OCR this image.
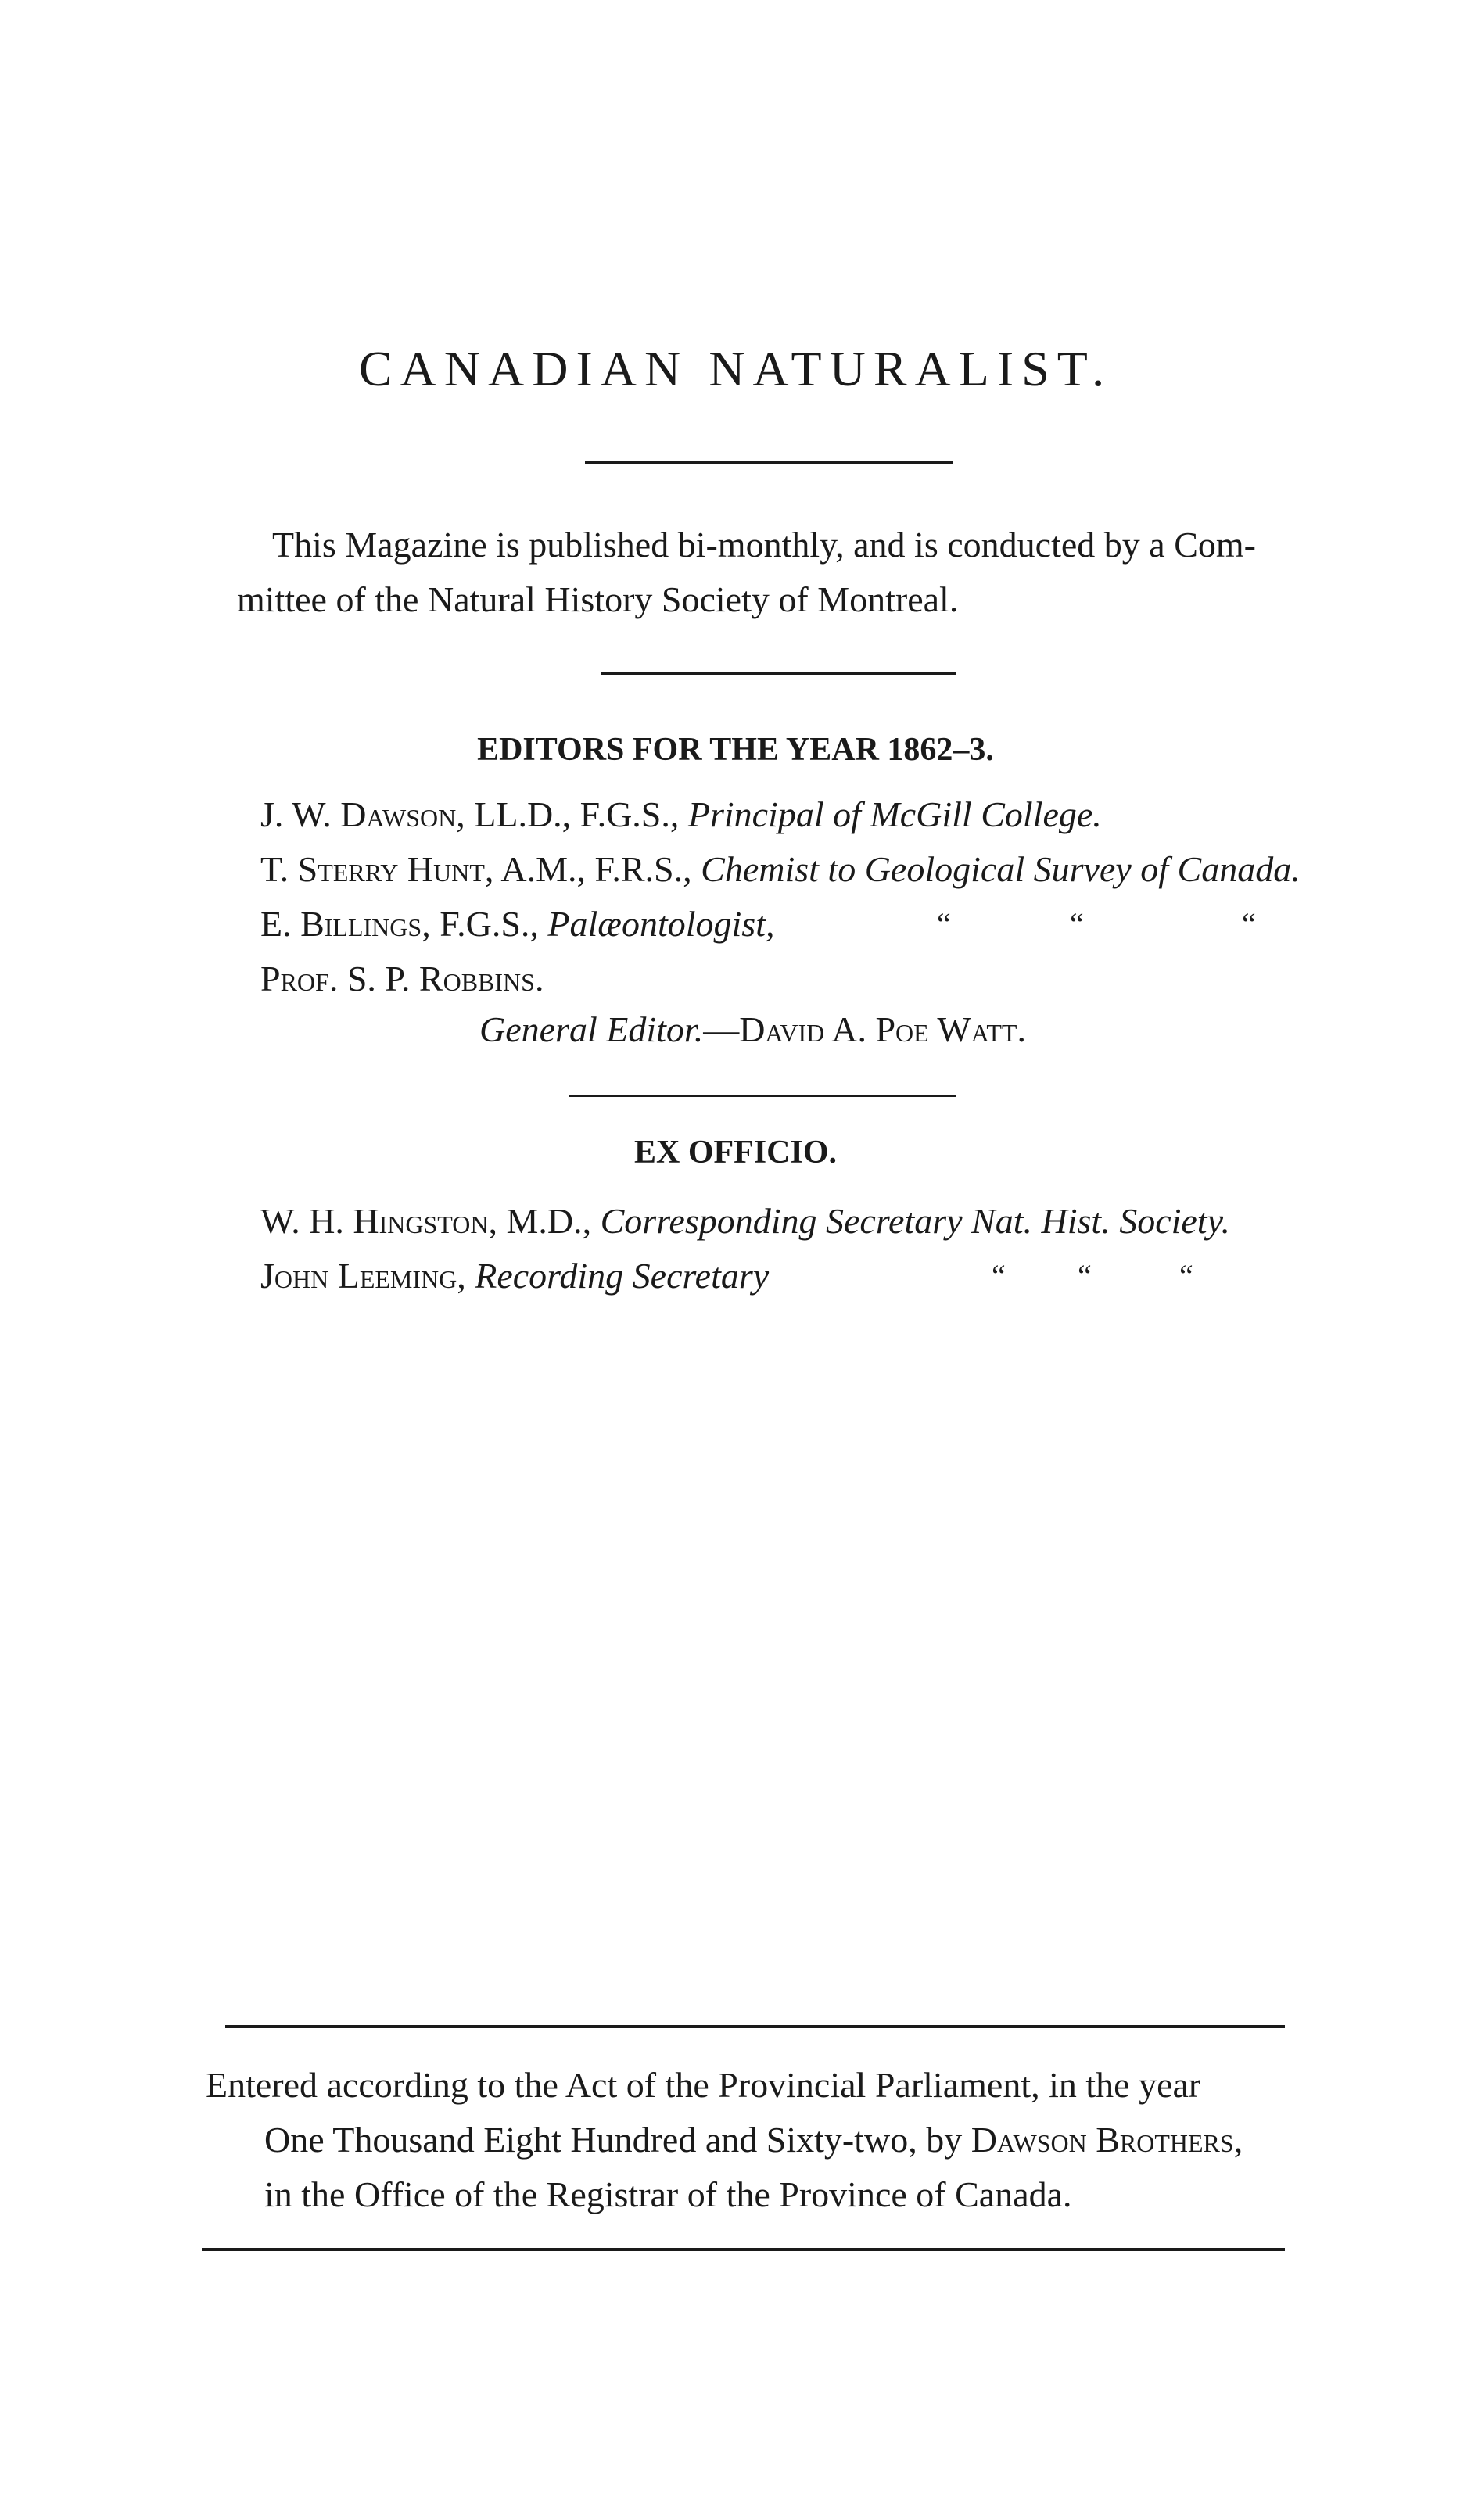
CANADIAN NATURALIST.
This Magazine is published bi-monthly, and is conducted by a Com-
mittee of the Natural History Society of Montreal.
EDITORS FOR THE YEAR 1862–3.
J. W. Dawson, LL.D., F.G.S., Principal of McGill College.
T. Sterry Hunt, A.M., F.R.S., Chemist to Geological Survey of Canada.
E. Billings, F.G.S., Palæontologist,	“	“	“
Prof. S. P. Robbins.
General Editor.—David A. Poe Watt.
EX OFFICIO.
W. H. Hingston, M.D., Corresponding Secretary Nat. Hist. Society.
John Leeming, Recording Secretary	“ “	“
Entered according to the Act of the Provincial Parliament, in the year
One Thousand Eight Hundred and Sixty-two, by Dawson Brothers,
in the Office of the Registrar of the Province of Canada.
